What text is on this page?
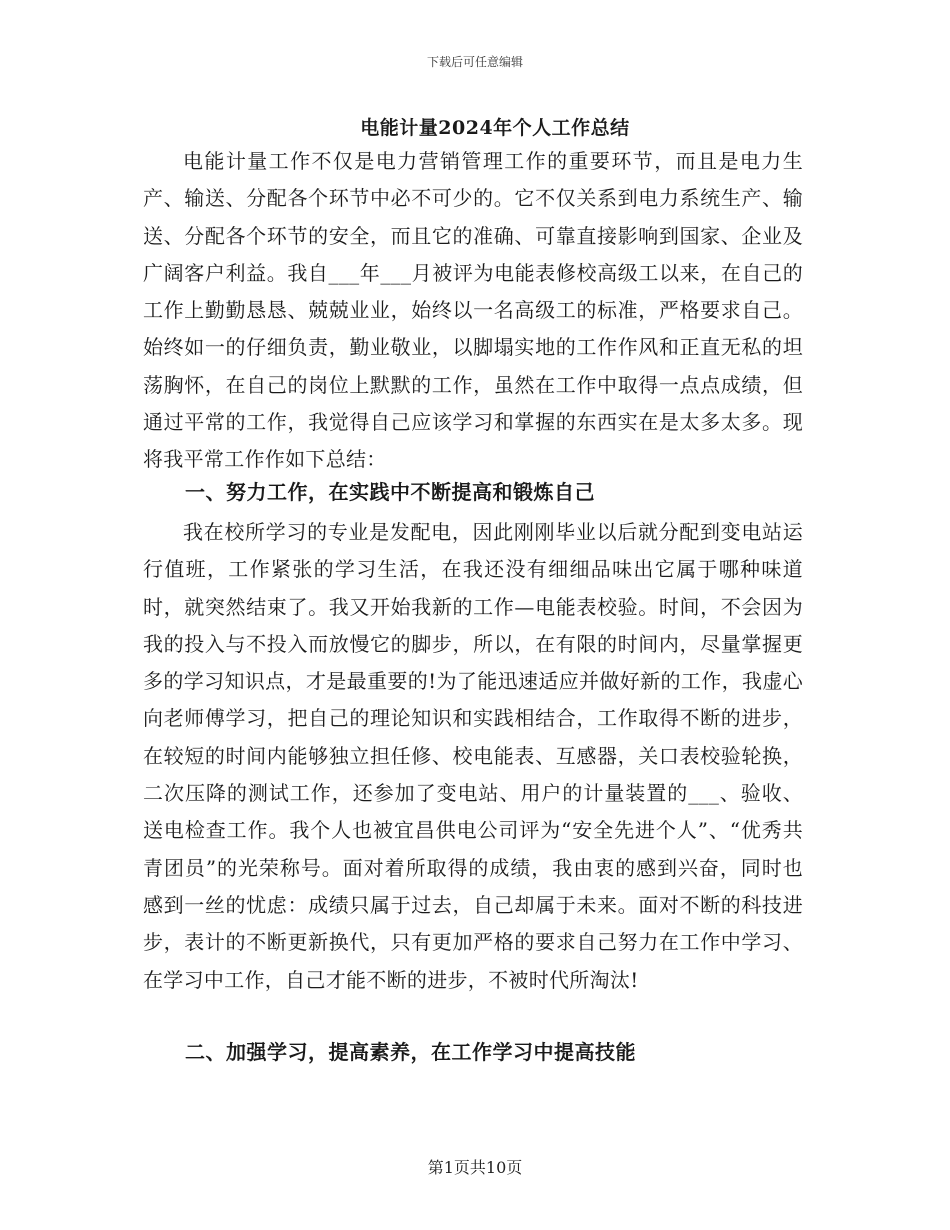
下载后可任意编辑
电能计量2024年个人工作总结

电能计量工作不仅是电力营销管理工作的重要环节，而且是电力生产、输送、分配各个环节中必不可少的。它不仅关系到电力系统生产、输送、分配各个环节的安全，而且它的准确、可靠直接影响到国家、企业及广阔客户利益。我自___年___月被评为电能表修校高级工以来，在自己的工作上勤勤恳恳、兢兢业业，始终以一名高级工的标准，严格要求自己。始终如一的仔细负责，勤业敬业，以脚塌实地的工作作风和正直无私的坦荡胸怀，在自己的岗位上默默的工作，虽然在工作中取得一点点成绩，但通过平常的工作，我觉得自己应该学习和掌握的东西实在是太多太多。现将我平常工作作如下总结：

一、努力工作，在实践中不断提高和锻炼自己

我在校所学习的专业是发配电，因此刚刚毕业以后就分配到变电站运行值班，工作紧张的学习生活，在我还没有细细品味出它属于哪种味道时，就突然结束了。我又开始我新的工作—电能表校验。时间，不会因为我的投入与不投入而放慢它的脚步，所以，在有限的时间内，尽量掌握更多的学习知识点，才是最重要的!为了能迅速适应并做好新的工作，我虚心向老师傅学习，把自己的理论知识和实践相结合，工作取得不断的进步，在较短的时间内能够独立担任修、校电能表、互感器，关口表校验轮换，二次压降的测试工作，还参加了变电站、用户的计量装置的___、验收、送电检查工作。我个人也被宜昌供电公司评为“安全先进个人”、“优秀共青团员”的光荣称号。面对着所取得的成绩，我由衷的感到兴奋，同时也感到一丝的忧虑：成绩只属于过去，自己却属于未来。面对不断的科技进步，表计的不断更新换代，只有更加严格的要求自己努力在工作中学习、在学习中工作，自己才能不断的进步，不被时代所淘汰!

二、加强学习，提高素养，在工作学习中提高技能
第1页共10页
